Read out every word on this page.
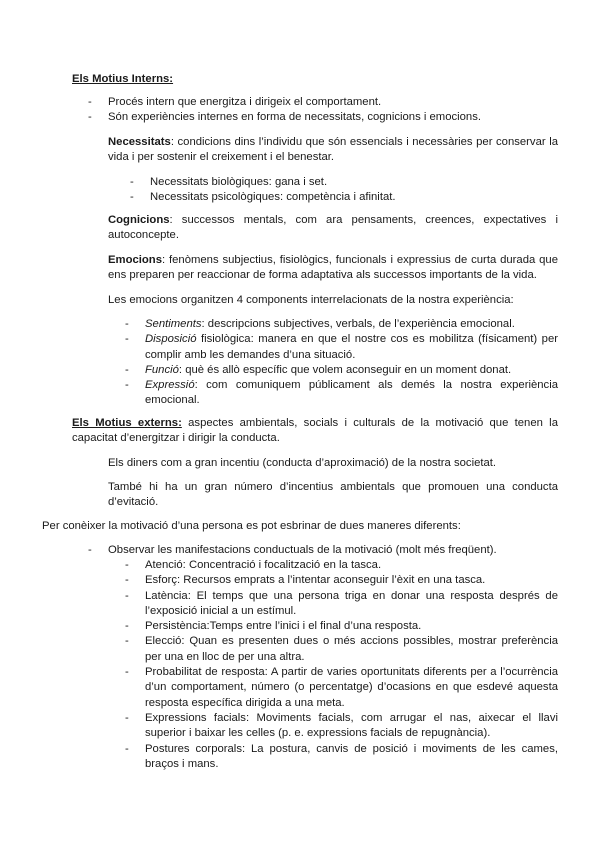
Els Motius Interns:
- Procés intern que energitza i dirigeix el comportament.
- Són experiències internes en forma de necessitats, cognicions i emocions.
Necessitats: condicions dins l’individu que són essencials i necessàries per conservar la vida i per sostenir el creixement i el benestar.
- Necessitats biològiques: gana i set.
- Necessitats psicològiques: competència i afinitat.
Cognicions: successos mentals, com ara pensaments, creences, expectatives i autoconcepte.
Emocions: fenòmens subjectius, fisiològics, funcionals i expressius de curta durada que ens preparen per reaccionar de forma adaptativa als successos importants de la vida.
Les emocions organitzen 4 components interrelacionats de la nostra experiència:
- Sentiments: descripcions subjectives, verbals, de l’experiència emocional.
- Disposició fisiològica: manera en que el nostre cos es mobilitza (físicament) per complir amb les demandes d’una situació.
- Funció: què és allò específic que volem aconseguir en un moment donat.
- Expressió: com comuniquem públicament als demés la nostra experiència emocional.
Els Motius externs: aspectes ambientals, socials i culturals de la motivació que tenen la capacitat d’energitzar i dirigir la conducta.
Els diners com a gran incentiu (conducta d’aproximació) de la nostra societat.
També hi ha un gran número d’incentius ambientals que promouen una conducta d’evitació.
Per conèixer la motivació d’una persona es pot esbrinar de dues maneres diferents:
- Observar les manifestacions conductuals de la motivació (molt més freqüent).
- Atenció: Concentració i focalització en la tasca.
- Esforç: Recursos emprats a l’intentar aconseguir l’èxit en una tasca.
- Latència: El temps que una persona triga en donar una resposta després de l’exposició inicial a un estímul.
- Persistència:Temps entre l’inici i el final d’una resposta.
- Elecció: Quan es presenten dues o més accions possibles, mostrar preferència per una en lloc de per una altra.
- Probabilitat de resposta: A partir de varies oportunitats diferents per a l’ocurrència d’un comportament, número (o percentatge) d’ocasions en que esdevé aquesta resposta específica dirigida a una meta.
- Expressions facials: Moviments facials, com arrugar el nas, aixecar el llavi superior i baixar les celles (p. e. expressions facials de repugnància).
- Postures corporals: La postura, canvis de posició i moviments de les cames, braços i mans.
